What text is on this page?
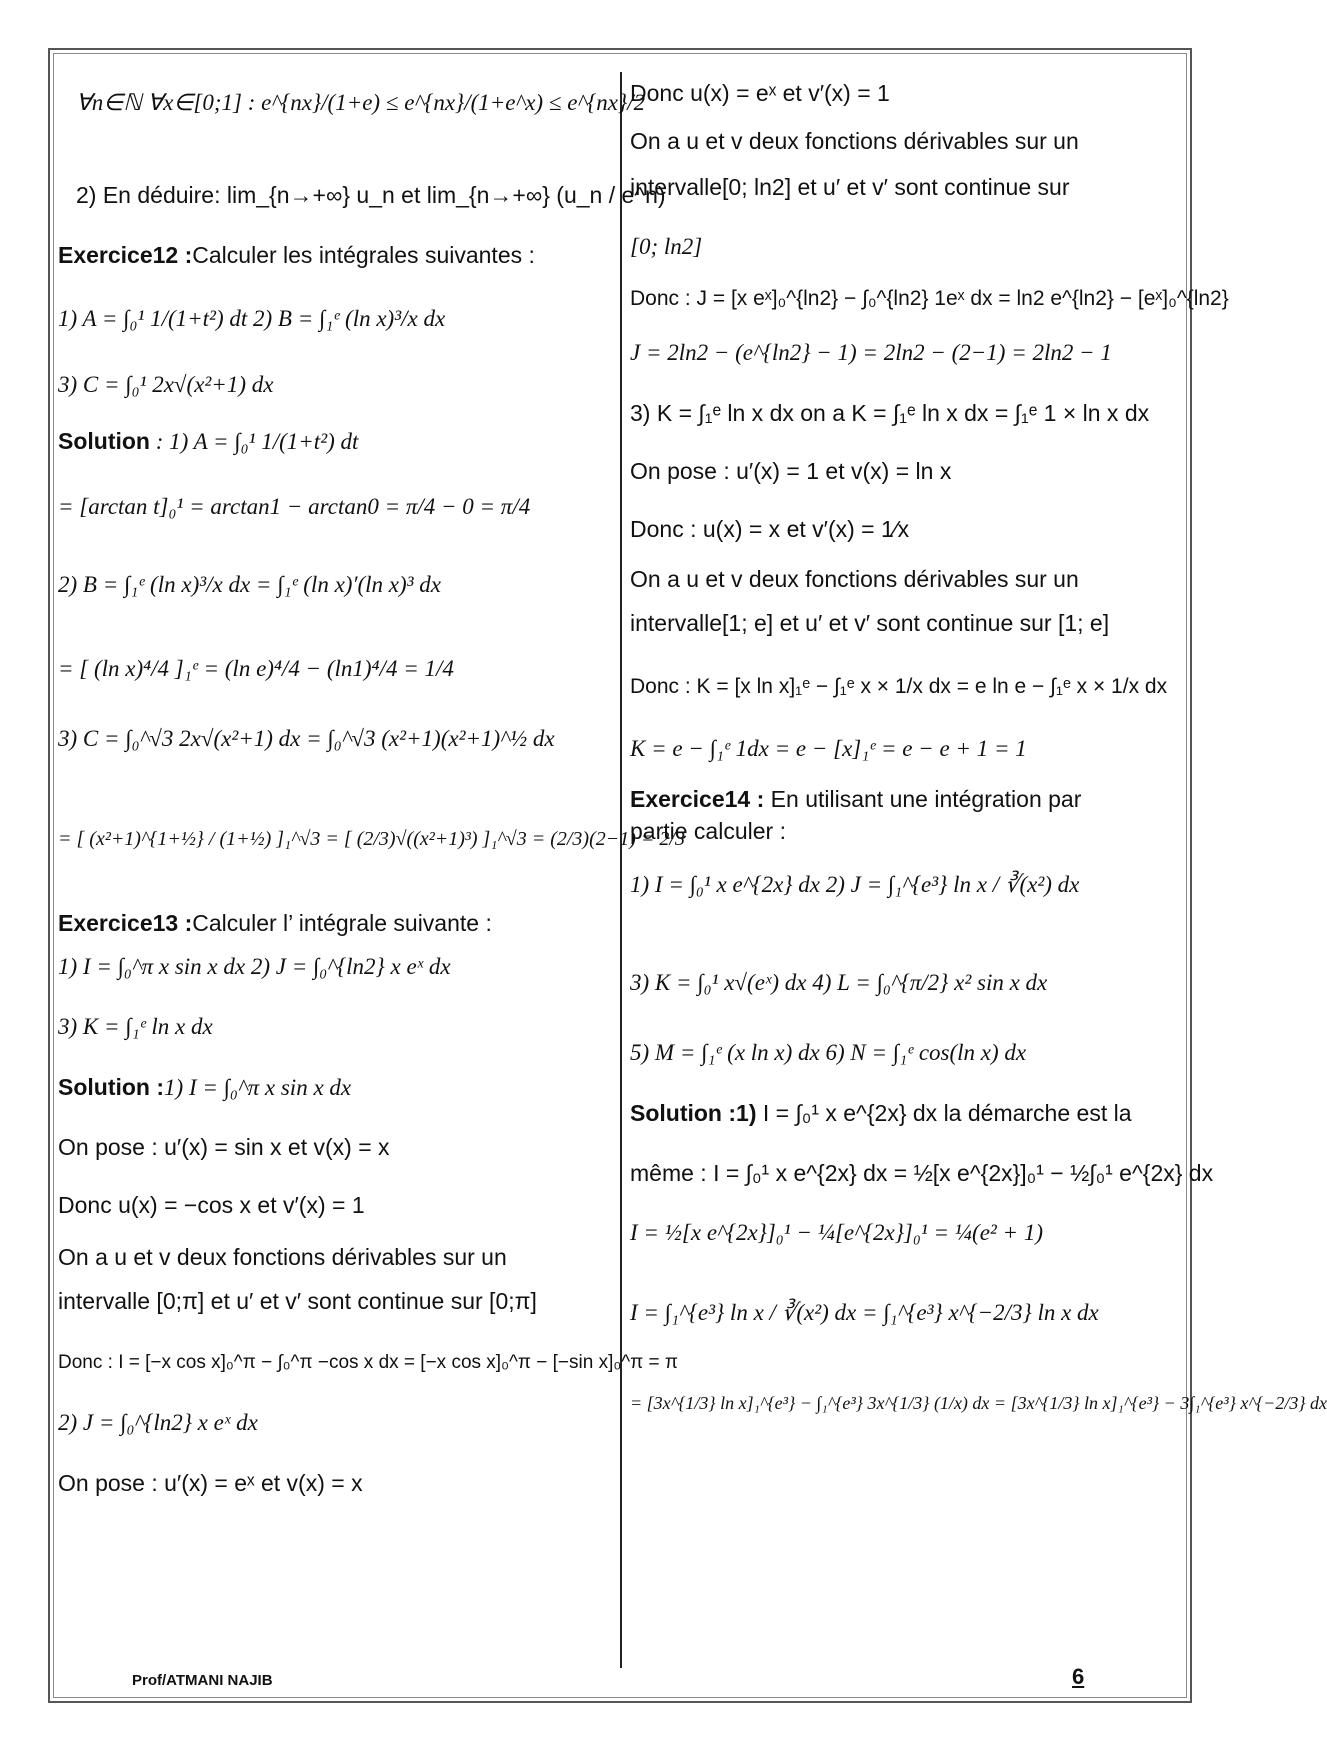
∀n∈ℕ ∀x∈[0;1] : e^{nx}/(1+e) ≤ e^{nx}/(1+e^x) ≤ e^{nx}/2
2) En déduire: lim_{n→+∞} u_n et lim_{n→+∞} (u_n / e^n)
Exercice12 :Calculer les intégrales suivantes :
1) A = ∫₀¹ 1/(1+t²) dt 2) B = ∫₁ᵉ (ln x)³/x dx
3) C = ∫₀¹ 2x√(x²+1) dx
Solution : 1) A = ∫₀¹ 1/(1+t²) dt
= [arctan t]₀¹ = arctan1 − arctan0 = π/4 − 0 = π/4
2) B = ∫₁ᵉ (ln x)³/x dx = ∫₁ᵉ (ln x)′(ln x)³ dx
= [ (ln x)⁴/4 ]₁ᵉ = (ln e)⁴/4 − (ln1)⁴/4 = 1/4
3) C = ∫₀^√3 2x√(x²+1) dx = ∫₀^√3 (x²+1)(x²+1)^½ dx
= [ (x²+1)^{1+½} / (1+½) ]₁^√3 = [ (2/3)√((x²+1)³) ]₁^√3 = (2/3)(2−1) = 2/3
Exercice13 :Calculer l’ intégrale suivante :
1) I = ∫₀^π x sin x dx 2) J = ∫₀^{ln2} x eˣ dx
3) K = ∫₁ᵉ ln x dx
Solution :1) I = ∫₀^π x sin x dx
On pose : u′(x) = sin x et v(x) = x
Donc u(x) = −cos x et v′(x) = 1
On a u et v deux fonctions dérivables sur un
intervalle [0;π] et u′ et v′ sont continue sur [0;π]
Donc : I = [−x cos x]₀^π − ∫₀^π −cos x dx = [−x cos x]₀^π − [−sin x]₀^π = π
2) J = ∫₀^{ln2} x eˣ dx
On pose : u′(x) = eˣ et v(x) = x
Donc u(x) = eˣ et v′(x) = 1
On a u et v deux fonctions dérivables sur un
intervalle[0; ln2] et u′ et v′ sont continue sur
[0; ln2]
Donc : J = [x eˣ]₀^{ln2} − ∫₀^{ln2} 1eˣ dx = ln2 e^{ln2} − [eˣ]₀^{ln2}
J = 2ln2 − (e^{ln2} − 1) = 2ln2 − (2−1) = 2ln2 − 1
3) K = ∫₁ᵉ ln x dx on a K = ∫₁ᵉ ln x dx = ∫₁ᵉ 1 × ln x dx
On pose : u′(x) = 1 et v(x) = ln x
Donc : u(x) = x et v′(x) = 1⁄x
On a u et v deux fonctions dérivables sur un
intervalle[1; e] et u′ et v′ sont continue sur [1; e]
Donc : K = [x ln x]₁ᵉ − ∫₁ᵉ x × 1/x dx = e ln e − ∫₁ᵉ x × 1/x dx
K = e − ∫₁ᵉ 1dx = e − [x]₁ᵉ = e − e + 1 = 1
Exercice14 : En utilisant une intégration par
partie calculer :
1) I = ∫₀¹ x e^{2x} dx 2) J = ∫₁^{e³} ln x / ∛(x²) dx
3) K = ∫₀¹ x√(eˣ) dx 4) L = ∫₀^{π/2} x² sin x dx
5) M = ∫₁ᵉ (x ln x) dx 6) N = ∫₁ᵉ cos(ln x) dx
Solution :1) I = ∫₀¹ x e^{2x} dx la démarche est la
même : I = ∫₀¹ x e^{2x} dx = ½[x e^{2x}]₀¹ − ½∫₀¹ e^{2x} dx
I = ½[x e^{2x}]₀¹ − ¼[e^{2x}]₀¹ = ¼(e² + 1)
I = ∫₁^{e³} ln x / ∛(x²) dx = ∫₁^{e³} x^{−2/3} ln x dx
= [3x^{1/3} ln x]₁^{e³} − ∫₁^{e³} 3x^{1/3} (1/x) dx = [3x^{1/3} ln x]₁^{e³} − 3∫₁^{e³} x^{−2/3} dx
Prof/ATMANI NAJIB	6
